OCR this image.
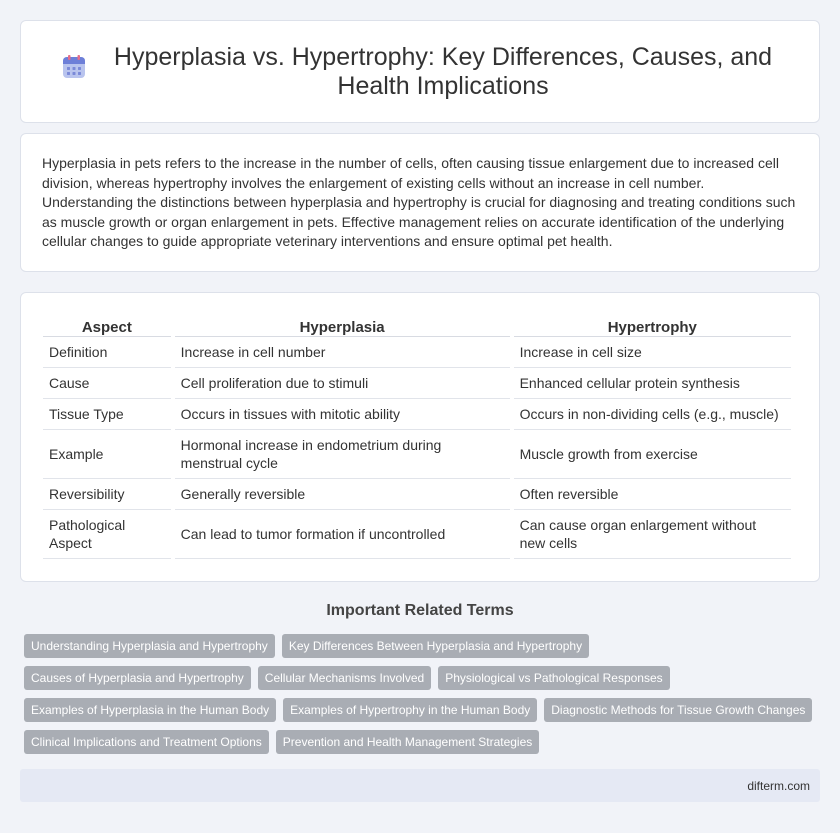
Hyperplasia vs. Hypertrophy: Key Differences, Causes, and Health Implications

Hyperplasia in pets refers to the increase in the number of cells, often causing tissue enlargement due to increased cell division, whereas hypertrophy involves the enlargement of existing cells without an increase in cell number. Understanding the distinctions between hyperplasia and hypertrophy is crucial for diagnosing and treating conditions such as muscle growth or organ enlargement in pets. Effective management relies on accurate identification of the underlying cellular changes to guide appropriate veterinary interventions and ensure optimal pet health.

Aspect	Hyperplasia	Hypertrophy
Definition	Increase in cell number	Increase in cell size
Cause	Cell proliferation due to stimuli	Enhanced cellular protein synthesis
Tissue Type	Occurs in tissues with mitotic ability	Occurs in non-dividing cells (e.g., muscle)
Example	Hormonal increase in endometrium during menstrual cycle	Muscle growth from exercise
Reversibility	Generally reversible	Often reversible
Pathological Aspect	Can lead to tumor formation if uncontrolled	Can cause organ enlargement without new cells
Important Related Terms
Understanding Hyperplasia and Hypertrophy	Key Differences Between Hyperplasia and Hypertrophy
Causes of Hyperplasia and Hypertrophy	Cellular Mechanisms Involved	Physiological vs Pathological Responses
Examples of Hyperplasia in the Human Body	Examples of Hypertrophy in the Human Body	Diagnostic Methods for Tissue Growth Changes
Clinical Implications and Treatment Options	Prevention and Health Management Strategies
difterm.com
